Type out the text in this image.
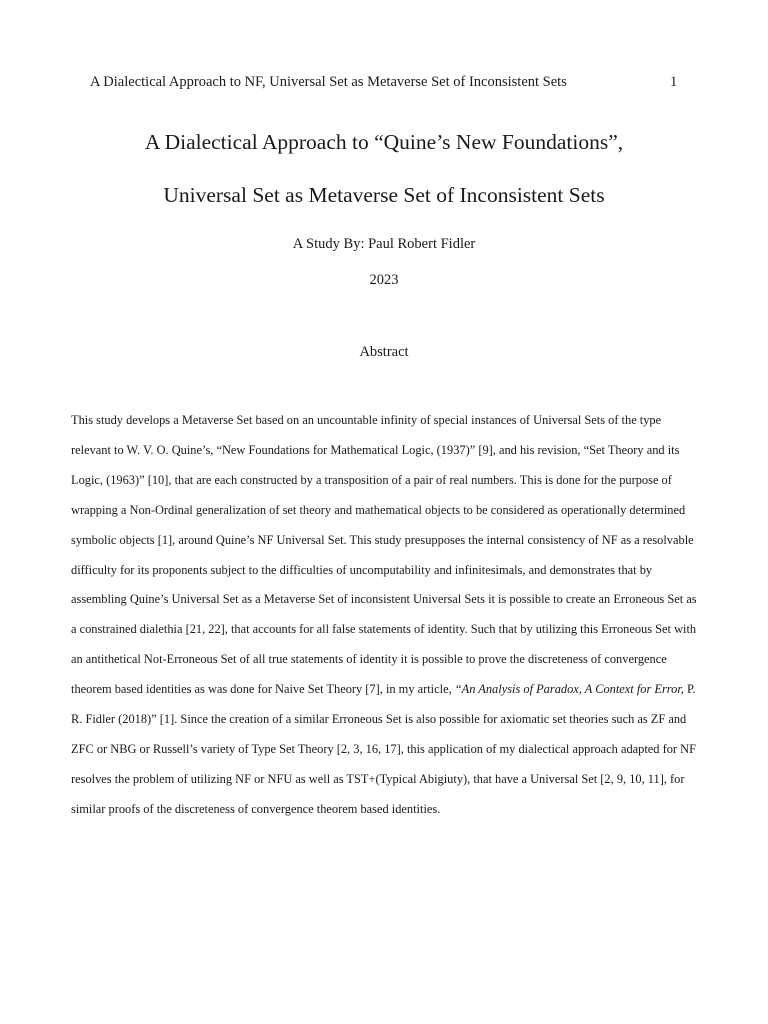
A Dialectical Approach to NF, Universal Set as Metaverse Set of Inconsistent Sets	1
A Dialectical Approach to “Quine’s New Foundations”,
Universal Set as Metaverse Set of Inconsistent Sets
A Study By: Paul Robert Fidler
2023
Abstract
This study develops a Metaverse Set based on an uncountable infinity of special instances of Universal Sets of the type relevant to W. V. O. Quine’s, “New Foundations for Mathematical Logic, (1937)” [9], and his revision, “Set Theory and its Logic, (1963)” [10], that are each constructed by a transposition of a pair of real numbers. This is done for the purpose of wrapping a Non-Ordinal generalization of set theory and mathematical objects to be considered as operationally determined symbolic objects [1], around Quine’s NF Universal Set. This study presupposes the internal consistency of NF as a resolvable difficulty for its proponents subject to the difficulties of uncomputability and infinitesimals, and demonstrates that by assembling Quine’s Universal Set as a Metaverse Set of inconsistent Universal Sets it is possible to create an Erroneous Set as a constrained dialethia [21, 22], that accounts for all false statements of identity. Such that by utilizing this Erroneous Set with an antithetical Not-Erroneous Set of all true statements of identity it is possible to prove the discreteness of convergence theorem based identities as was done for Naive Set Theory [7], in my article, “An Analysis of Paradox, A Context for Error, P. R. Fidler (2018)” [1]. Since the creation of a similar Erroneous Set is also possible for axiomatic set theories such as ZF and ZFC or NBG or Russell’s variety of Type Set Theory [2, 3, 16, 17], this application of my dialectical approach adapted for NF resolves the problem of utilizing NF or NFU as well as TST+(Typical Abigiuty), that have a Universal Set [2, 9, 10, 11], for similar proofs of the discreteness of convergence theorem based identities.
